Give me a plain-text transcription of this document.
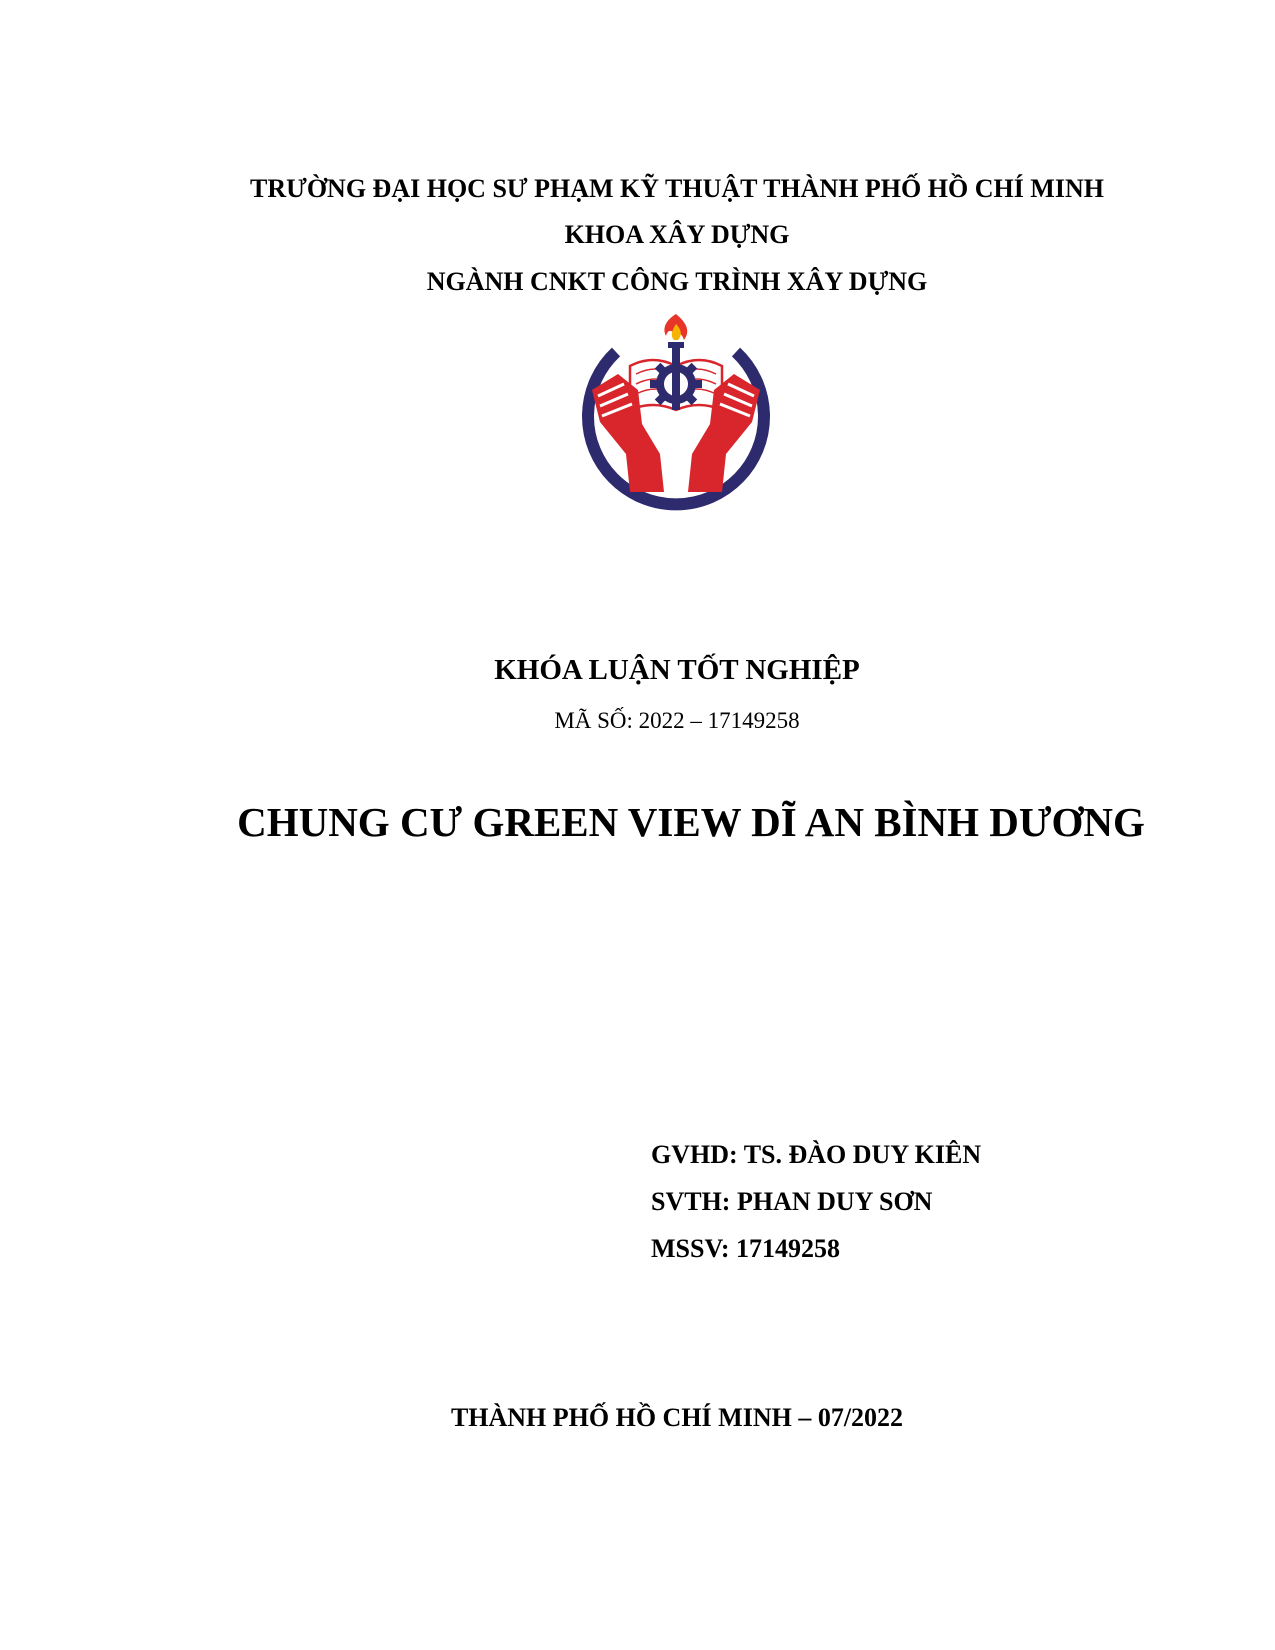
TRƯỜNG ĐẠI HỌC SƯ PHẠM KỸ THUẬT THÀNH PHỐ HỒ CHÍ MINH
KHOA XÂY DỰNG
NGÀNH CNKT CÔNG TRÌNH XÂY DỰNG
KHÓA LUẬN TỐT NGHIỆP
MÃ SỐ: 2022 – 17149258
CHUNG CƯ GREEN VIEW DĨ AN BÌNH DƯƠNG
GVHD: TS. ĐÀO DUY KIÊN
SVTH: PHAN DUY SƠN
MSSV: 17149258
THÀNH PHỐ HỒ CHÍ MINH – 07/2022
